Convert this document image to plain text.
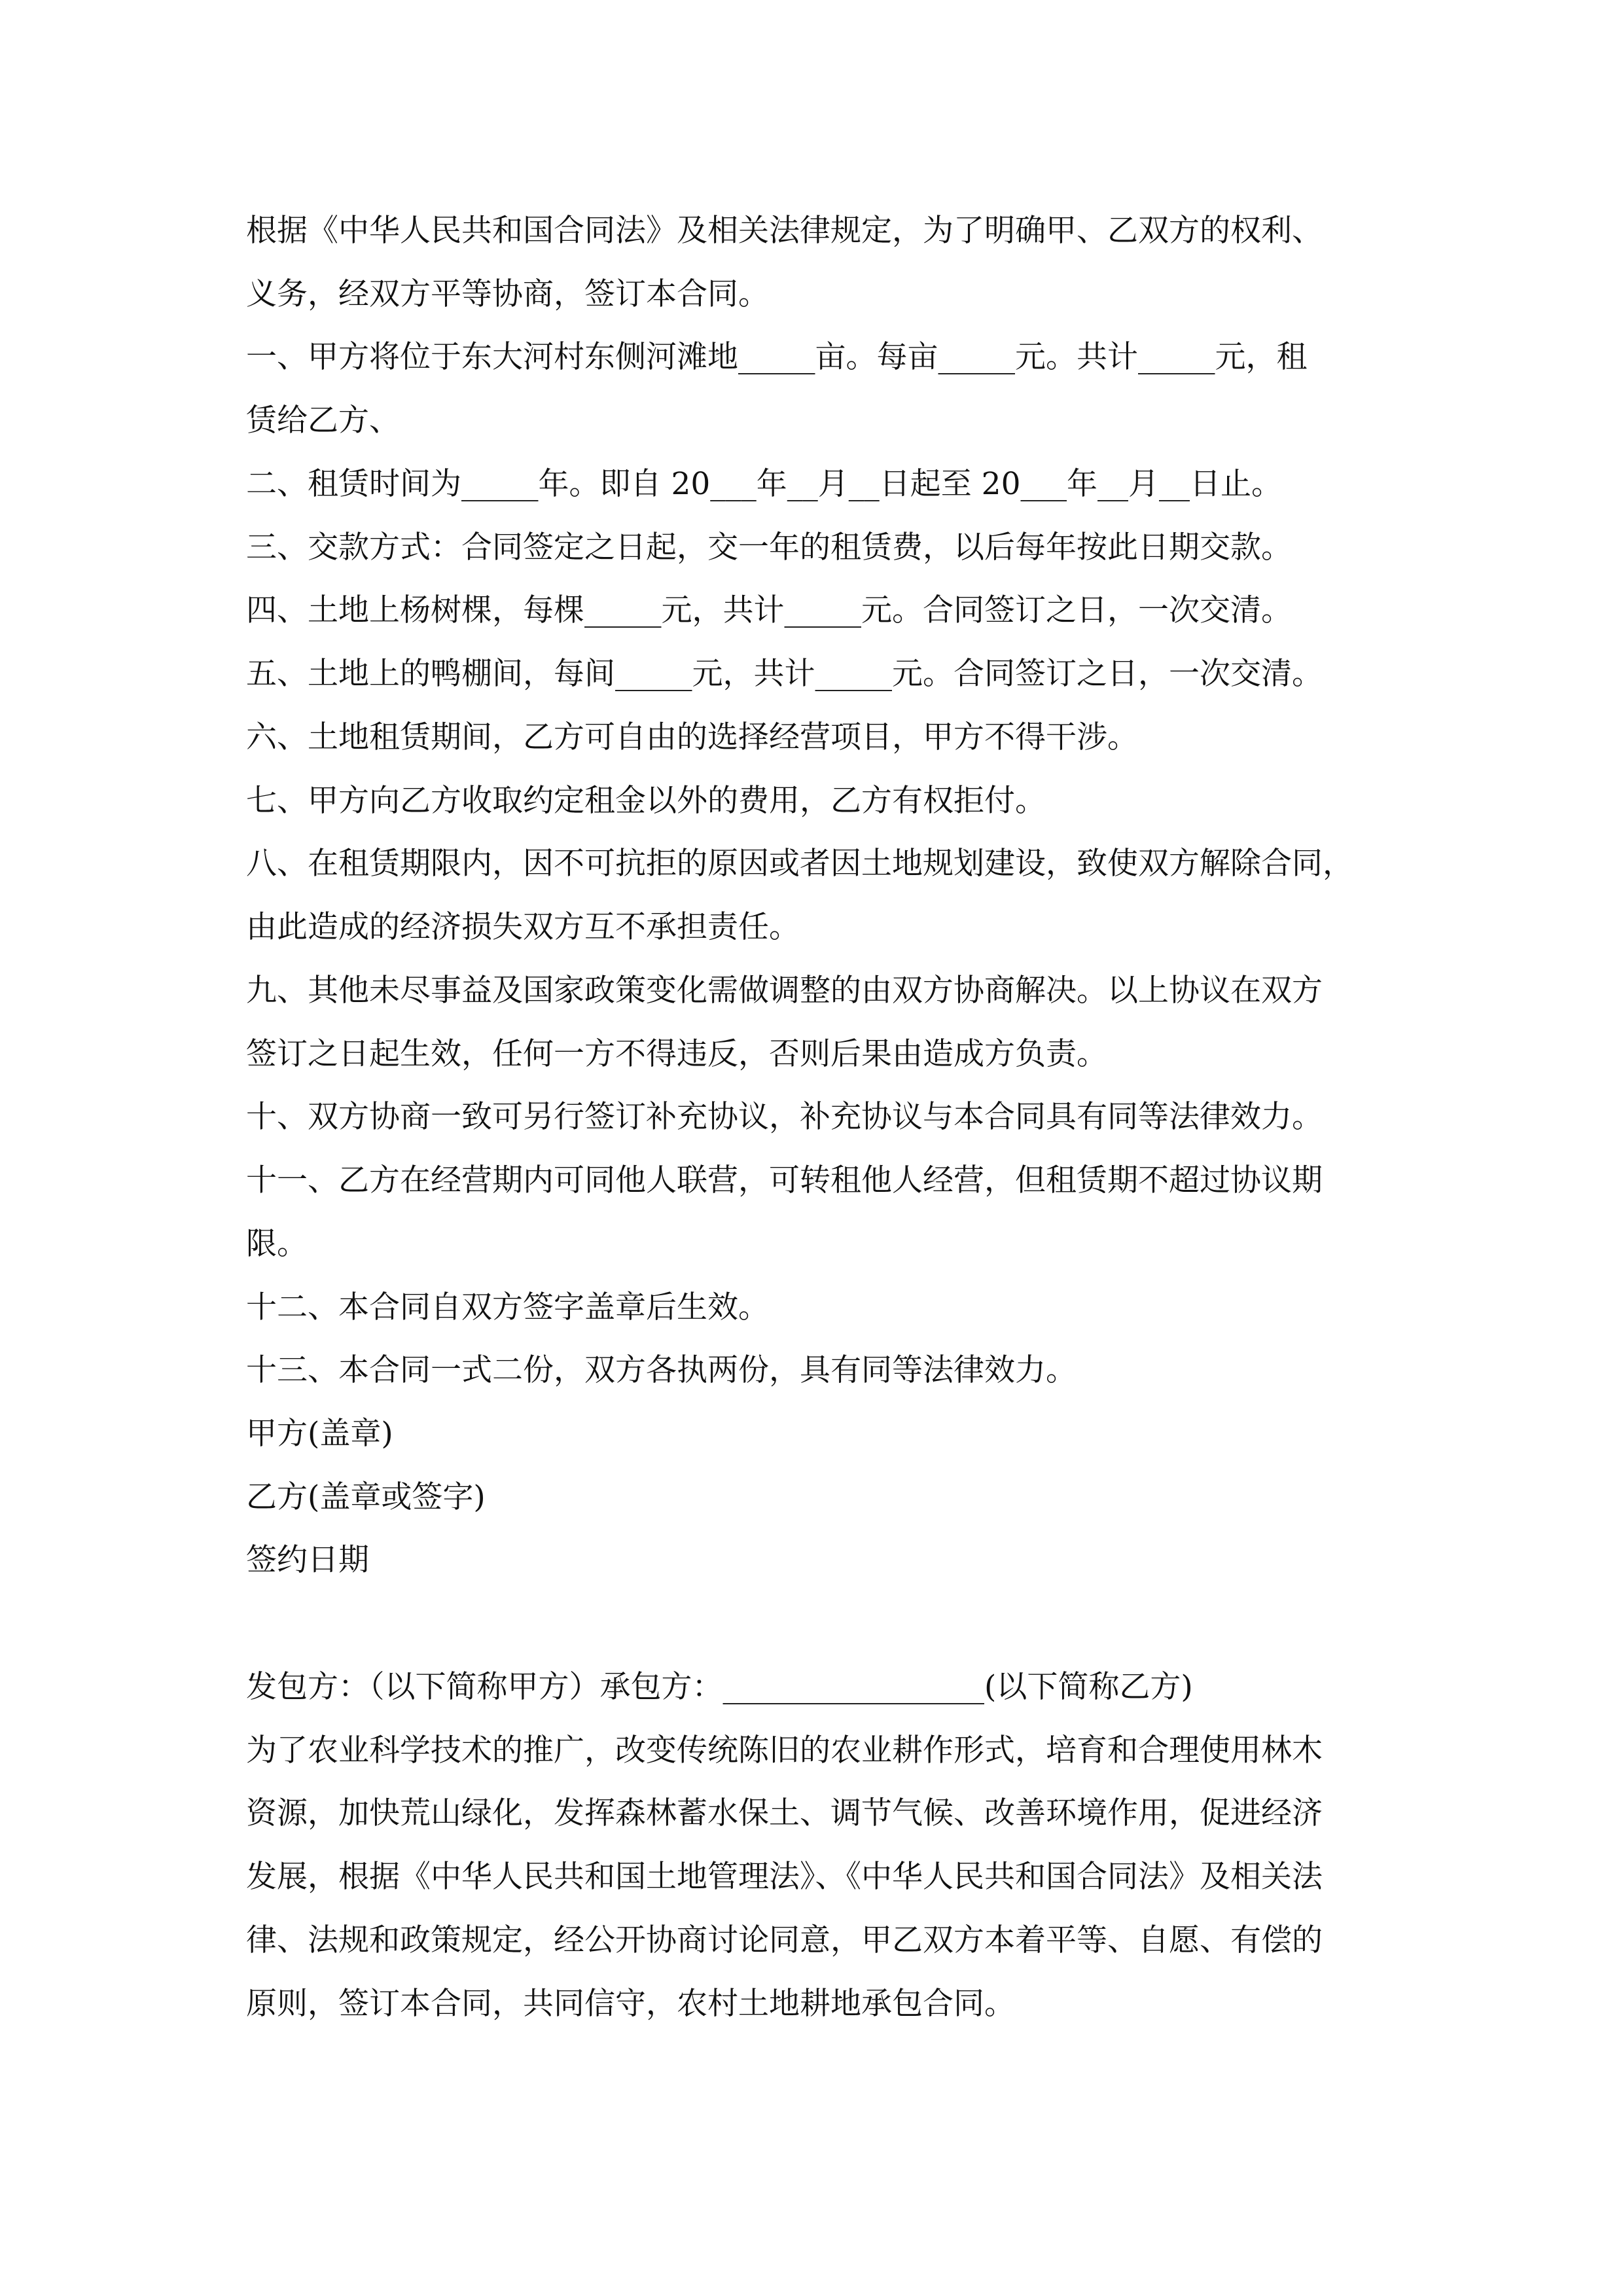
根据《中华人民共和国合同法》及相关法律规定，为了明确甲、乙双方的权利、

义务，经双方平等协商，签订本合同。

一、甲方将位于东大河村东侧河滩地_____亩。每亩_____元。共计_____元，租

赁给乙方、

二、租赁时间为_____年。即自 20___年__月__日起至 20___年__月__日止。

三、交款方式：合同签定之日起，交一年的租赁费，以后每年按此日期交款。

四、土地上杨树棵，每棵_____元，共计_____元。合同签订之日，一次交清。

五、土地上的鸭棚间，每间_____元，共计_____元。合同签订之日，一次交清。

六、土地租赁期间，乙方可自由的选择经营项目，甲方不得干涉。

七、甲方向乙方收取约定租金以外的费用，乙方有权拒付。

八、在租赁期限内，因不可抗拒的原因或者因土地规划建设，致使双方解除合同，

由此造成的经济损失双方互不承担责任。

九、其他未尽事益及国家政策变化需做调整的由双方协商解决。以上协议在双方

签订之日起生效，任何一方不得违反，否则后果由造成方负责。

十、双方协商一致可另行签订补充协议，补充协议与本合同具有同等法律效力。

十一、乙方在经营期内可同他人联营，可转租他人经营，但租赁期不超过协议期

限。

十二、本合同自双方签字盖章后生效。

十三、本合同一式二份，双方各执两份，具有同等法律效力。

甲方(盖章)

乙方(盖章或签字)

签约日期

发包方：（以下简称甲方）承包方：_________________(以下简称乙方)

为了农业科学技术的推广，改变传统陈旧的农业耕作形式，培育和合理使用林木

资源，加快荒山绿化，发挥森林蓄水保土、调节气候、改善环境作用，促进经济

发展，根据《中华人民共和国土地管理法》、《中华人民共和国合同法》及相关法

律、法规和政策规定，经公开协商讨论同意，甲乙双方本着平等、自愿、有偿的

原则，签订本合同，共同信守，农村土地耕地承包合同。
